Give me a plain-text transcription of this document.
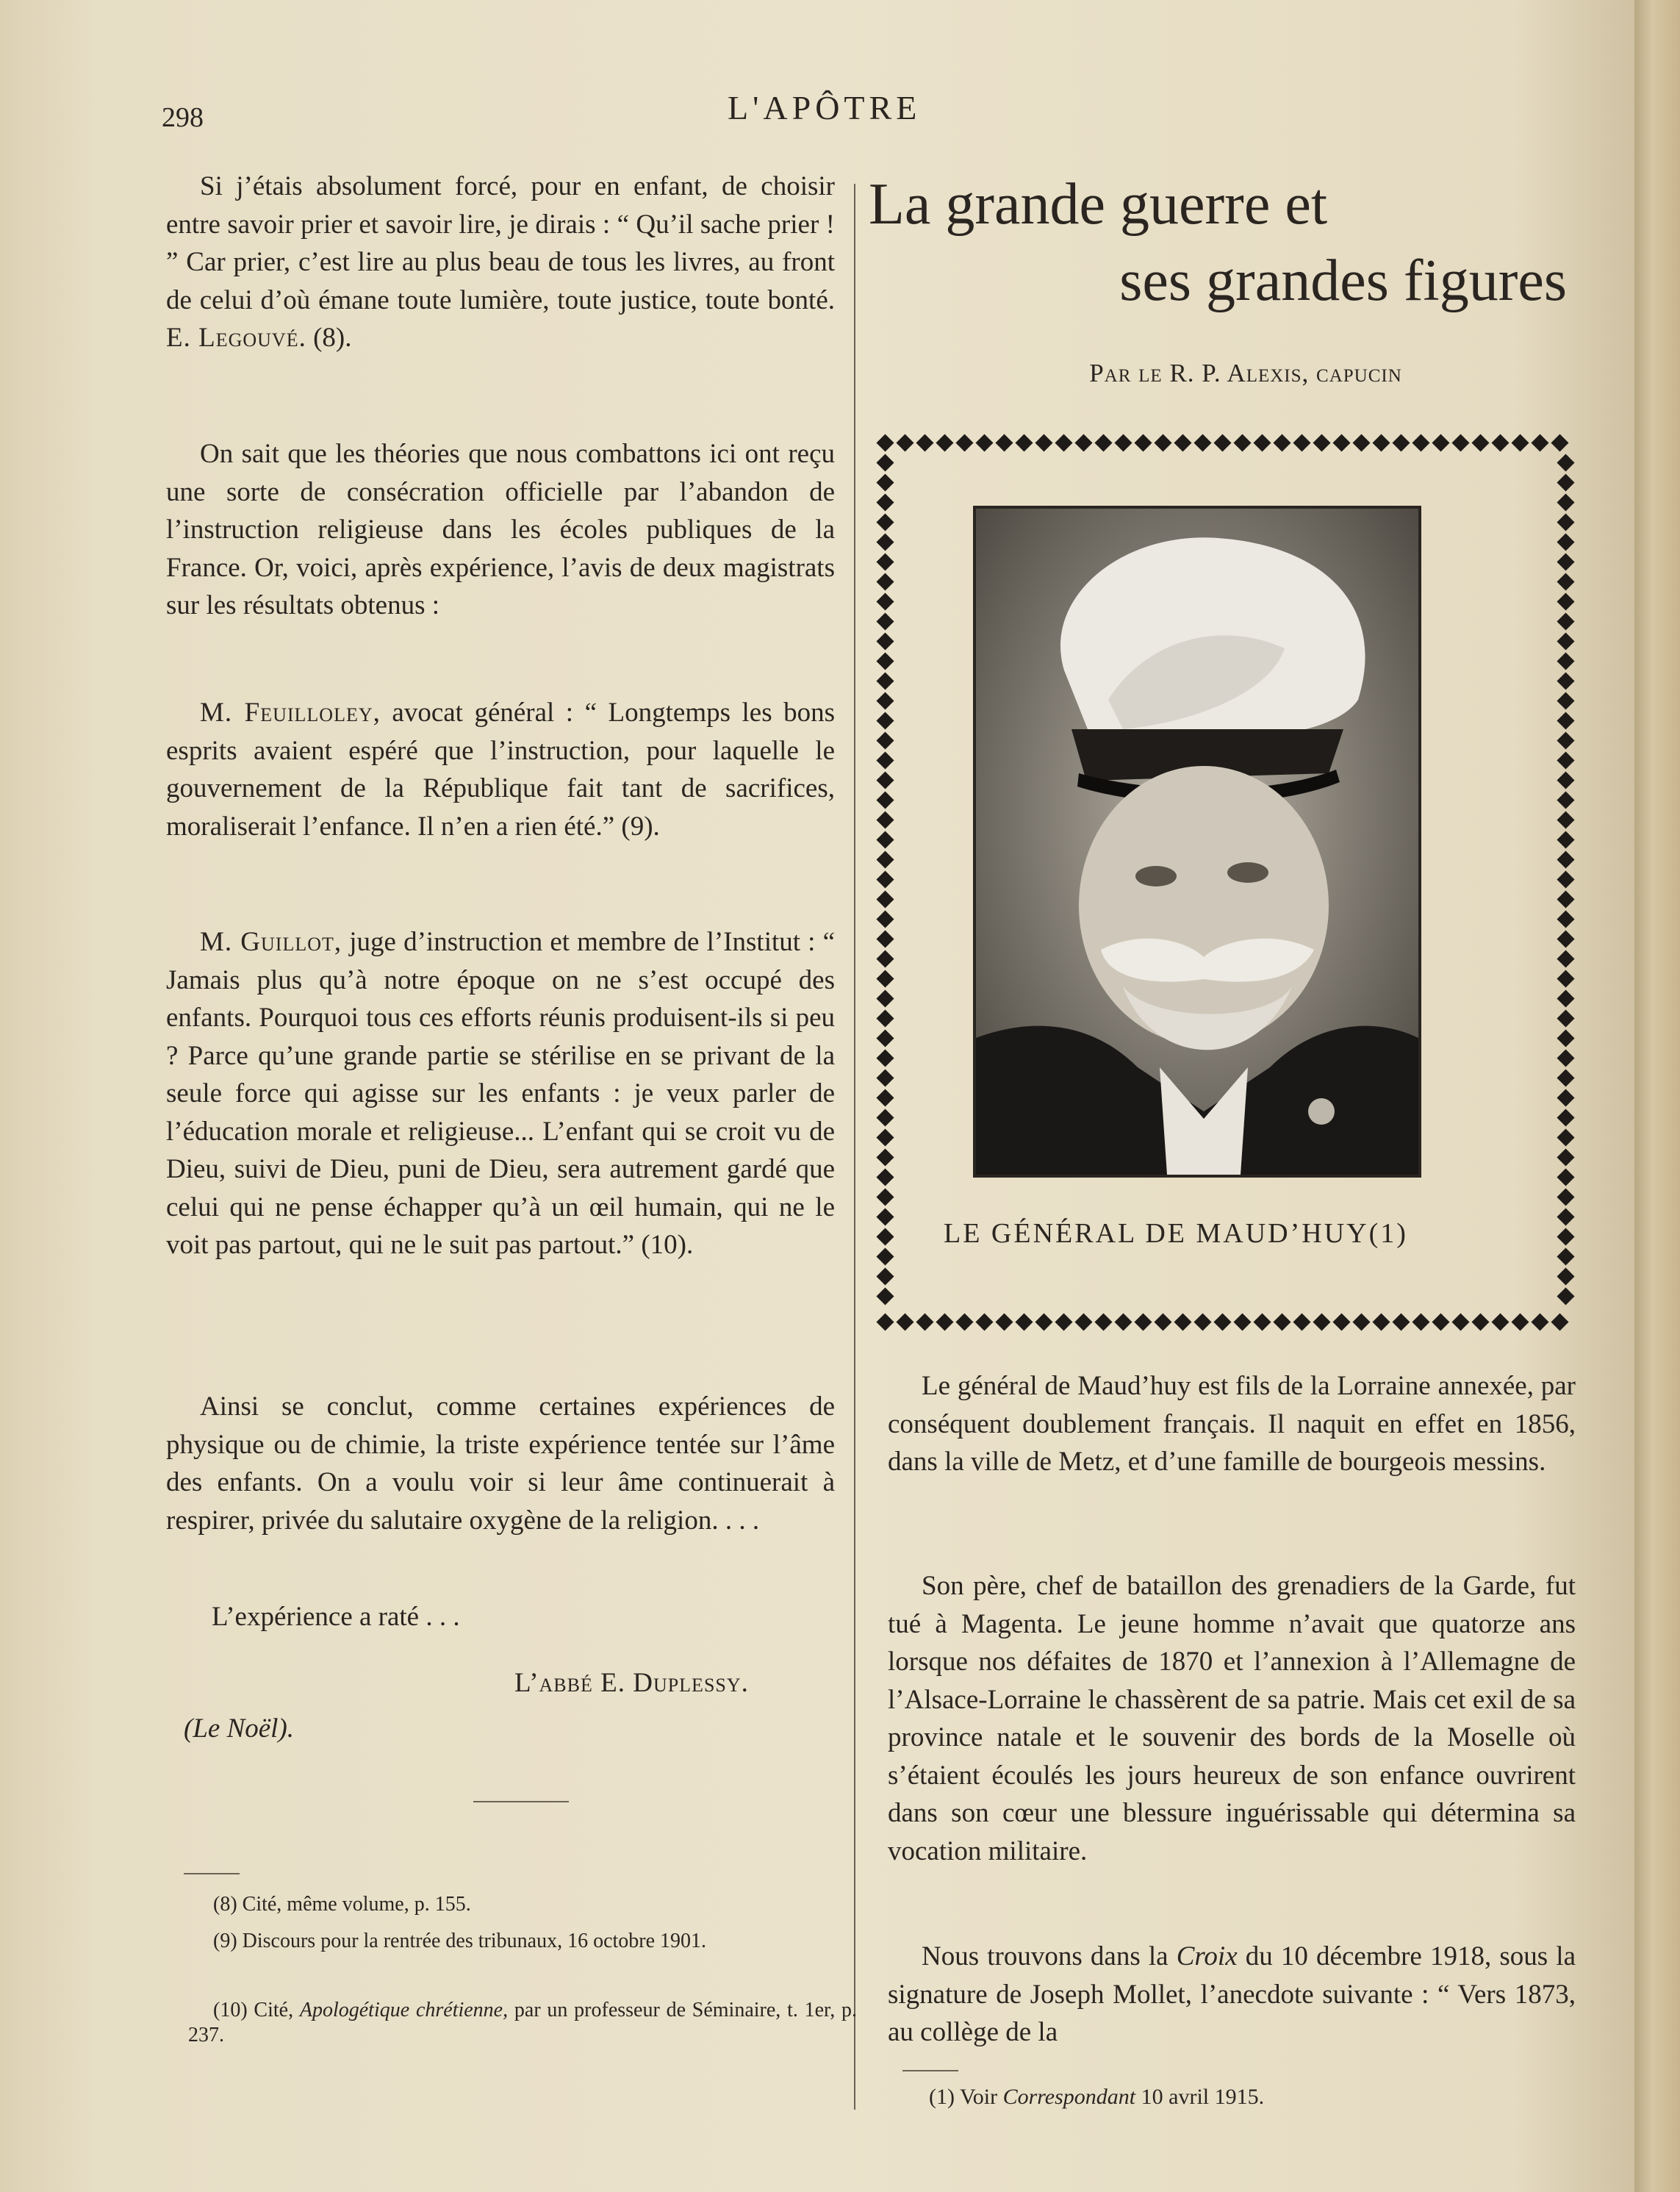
298	L'APÔTRE

Si j’étais absolument forcé, pour en enfant, de choisir entre savoir prier et savoir lire, je dirais : “ Qu’il sache prier ! ” Car prier, c’est lire au plus beau de tous les livres, au front de celui d’où émane toute lumière, toute justice, toute bonté. E. Legouvé. (8).

On sait que les théories que nous combattons ici ont reçu une sorte de consécration officielle par l’abandon de l’instruction religieuse dans les écoles publiques de la France. Or, voici, après expérience, l’avis de deux magistrats sur les résultats obtenus :

M. Feuilloley, avocat général : “ Longtemps les bons esprits avaient espéré que l’instruction, pour laquelle le gouvernement de la République fait tant de sacrifices, moraliserait l’enfance. Il n’en a rien été.” (9).

M. Guillot, juge d’instruction et membre de l’Institut : “ Jamais plus qu’à notre époque on ne s’est occupé des enfants. Pourquoi tous ces efforts réunis produisent-ils si peu ? Parce qu’une grande partie se stérilise en se privant de la seule force qui agisse sur les enfants : je veux parler de l’éducation morale et religieuse... L’enfant qui se croit vu de Dieu, suivi de Dieu, puni de Dieu, sera autrement gardé que celui qui ne pense échapper qu’à un œil humain, qui ne le voit pas partout, qui ne le suit pas partout.” (10).

Ainsi se conclut, comme certaines expériences de physique ou de chimie, la triste expérience tentée sur l’âme des enfants. On a voulu voir si leur âme continuerait à respirer, privée du salutaire oxygène de la religion. . . .

L’expérience a raté . . .
L’abbé E. Duplessy.
(Le Noël).
(8) Cité, même volume, p. 155.
(9) Discours pour la rentrée des tribunaux, 16 octobre 1901.
(10) Cité, Apologétique chrétienne, par un professeur de Séminaire, t. 1er, p. 237.
La grande guerre et
ses grandes figures
Par le R. P. Alexis, capucin
LE GÉNÉRAL DE MAUD’HUY(1)

Le général de Maud’huy est fils de la Lorraine annexée, par conséquent doublement français. Il naquit en effet en 1856, dans la ville de Metz, et d’une famille de bourgeois messins.

Son père, chef de bataillon des grenadiers de la Garde, fut tué à Magenta. Le jeune homme n’avait que quatorze ans lorsque nos défaites de 1870 et l’annexion à l’Allemagne de l’Alsace-Lorraine le chassèrent de sa patrie. Mais cet exil de sa province natale et le souvenir des bords de la Moselle où s’étaient écoulés les jours heureux de son enfance ouvrirent dans son cœur une blessure inguérissable qui détermina sa vocation militaire.

Nous trouvons dans la Croix du 10 décembre 1918, sous la signature de Joseph Mollet, l’anecdote suivante : “ Vers 1873, au collège de la

(1) Voir Correspondant 10 avril 1915.
